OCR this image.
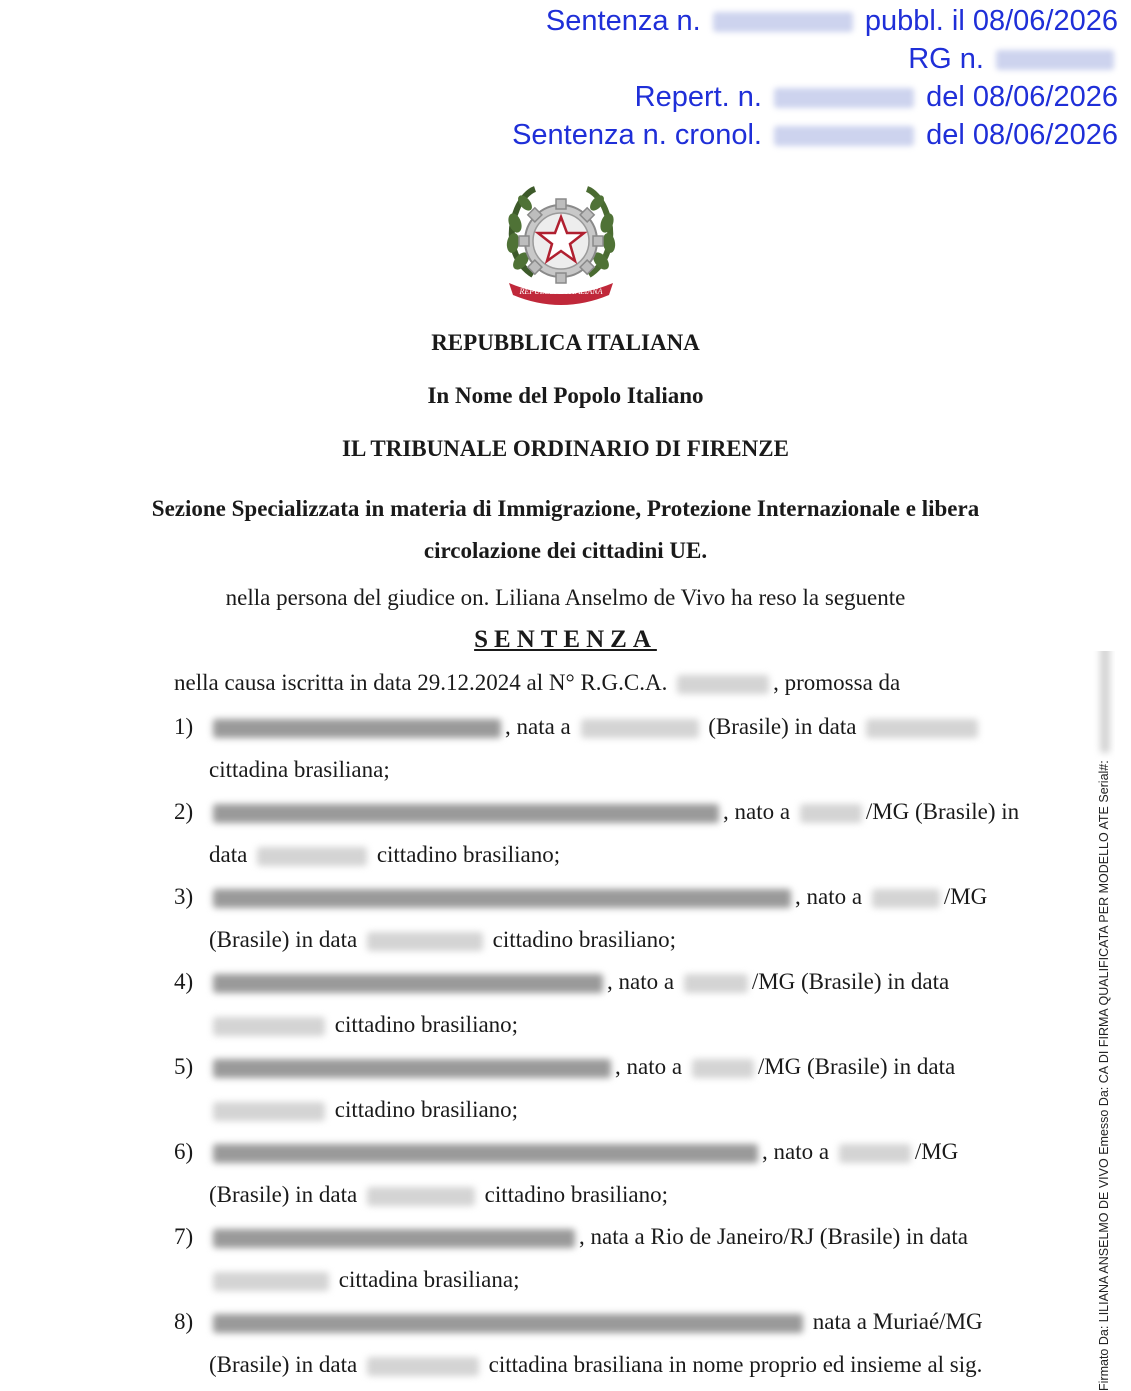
Sentenza n.	pubbl. il 08/06/2026
RG n.
Repert. n.	del 08/06/2026
Sentenza n. cronol.	del 08/06/2026
REPUBBLICA ITALIANA
REPUBBLICA ITALIANA
In Nome del Popolo Italiano
IL TRIBUNALE ORDINARIO DI FIRENZE
Sezione Specializzata in materia di Immigrazione, Protezione Internazionale e libera
circolazione dei cittadini UE.
nella persona del giudice on. Liliana Anselmo de Vivo ha reso la seguente
SENTENZA
nella causa iscritta in data 29.12.2024 al N° R.G.C.A.	, promossa da
1)	, nata a	(Brasile) in data
cittadina brasiliana;
2)	, nato a	/MG (Brasile) in
data	cittadino brasiliano;
3)	, nato a	/MG
(Brasile) in data	cittadino brasiliano;
4)	, nato a	/MG (Brasile) in data
cittadino brasiliano;
5)	, nato a	/MG (Brasile) in data
cittadino brasiliano;
6)	, nato a	/MG
(Brasile) in data	cittadino brasiliano;
7)	, nata a Rio de Janeiro/RJ (Brasile) in data
cittadina brasiliana;
8)	nata a Muriaé/MG
(Brasile) in data	cittadina brasiliana in nome proprio ed insieme al sig.	Firmato Da: LILIANA ANSELMO DE VIVO Emesso Da: CA DI FIRMA QUALIFICATA PER MODELLO ATE Serial#:
